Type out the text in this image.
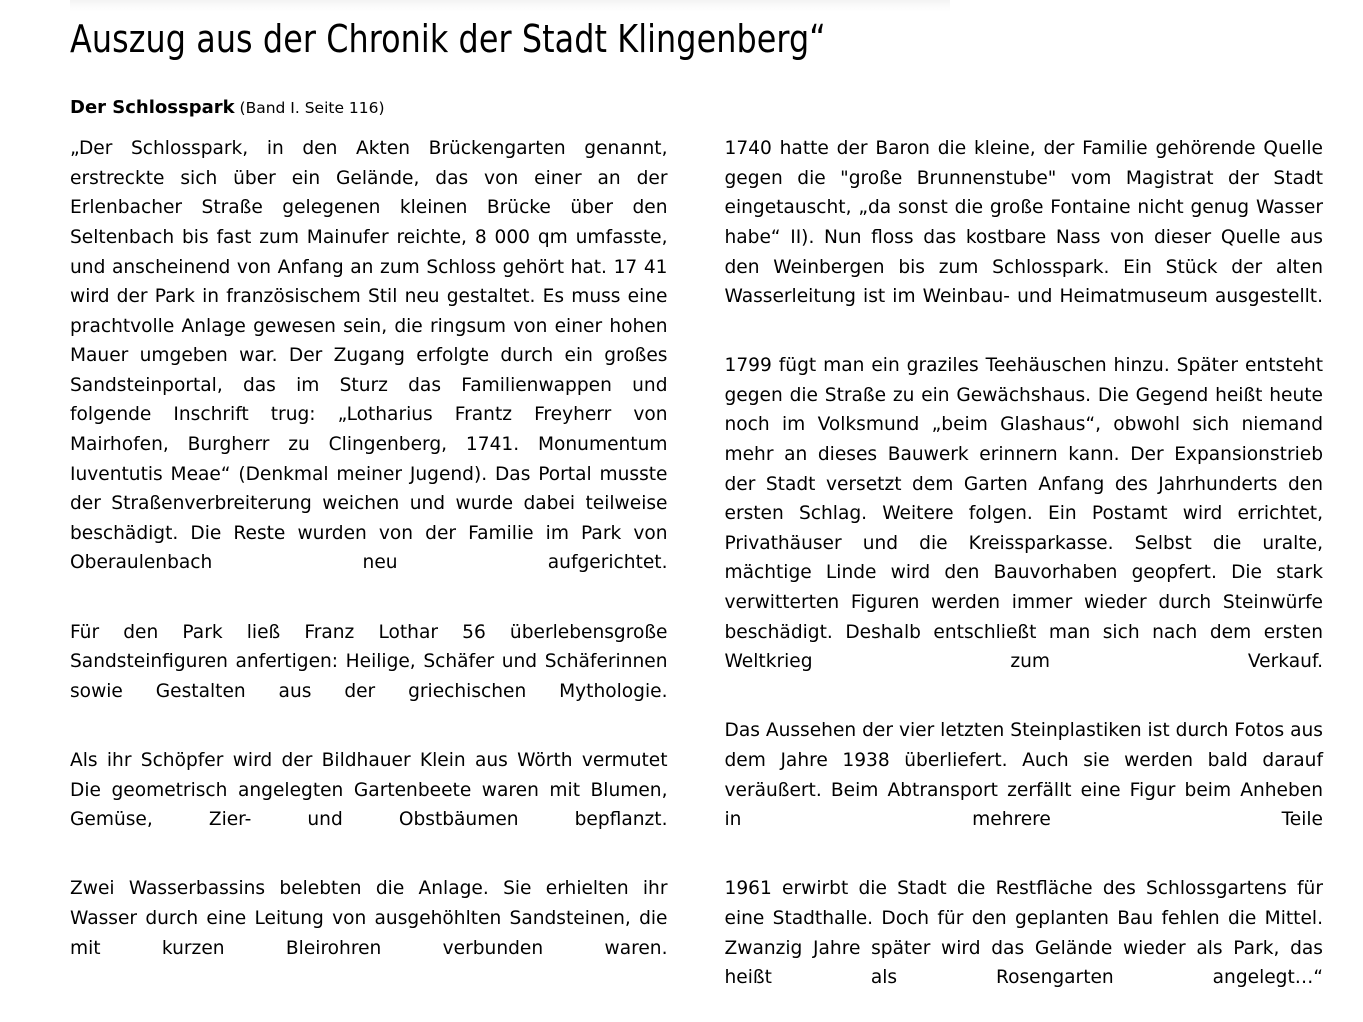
Auszug aus der Chronik der Stadt Klingenberg“

Der Schlosspark (Band I. Seite 116)

„Der Schlosspark, in den Akten Brückengarten genannt, erstreckte sich über ein Gelände, das von einer an der Erlenbacher Straße gelegenen kleinen Brücke über den Seltenbach bis fast zum Mainufer reichte, 8 000 qm umfasste, und anscheinend von Anfang an zum Schloss gehört hat. 17 41 wird der Park in französischem Stil neu gestaltet. Es muss eine prachtvolle Anlage gewesen sein, die ringsum von einer hohen Mauer umgeben war. Der Zugang erfolgte durch ein großes Sandsteinportal, das im Sturz das Familienwappen und folgende Inschrift trug: „Lotharius Frantz Freyherr von Mairhofen, Burgherr zu Clingenberg, 1741. Monumentum Iuventutis Meae“ (Denkmal meiner Jugend). Das Portal musste der Straßenverbreiterung weichen und wurde dabei teilweise beschädigt. Die Reste wurden von der Familie im Park von Oberaulenbach neu aufgerichtet.

Für den Park ließ Franz Lothar 56 überlebensgroße Sandsteinfiguren anfertigen: Heilige, Schäfer und Schäferinnen sowie Gestalten aus der griechischen Mythologie.

Als ihr Schöpfer wird der Bildhauer Klein aus Wörth vermutet Die geometrisch angelegten Gartenbeete waren mit Blumen, Gemüse, Zier- und Obstbäumen bepflanzt.

Zwei Wasserbassins belebten die Anlage. Sie erhielten ihr Wasser durch eine Leitung von ausgehöhlten Sandsteinen, die mit kurzen Bleirohren verbunden waren.

1740 hatte der Baron die kleine, der Familie gehörende Quelle gegen die "große Brunnenstube" vom Magistrat der Stadt eingetauscht, „da sonst die große Fontaine nicht genug Wasser habe“ II). Nun floss das kostbare Nass von dieser Quelle aus den Weinbergen bis zum Schlosspark. Ein Stück der alten Wasserleitung ist im Weinbau- und Heimatmuseum ausgestellt.

1799 fügt man ein graziles Teehäuschen hinzu. Später entsteht gegen die Straße zu ein Gewächshaus. Die Gegend heißt heute noch im Volksmund „beim Glashaus“, obwohl sich niemand  mehr an dieses Bauwerk erinnern kann. Der Expansionstrieb der Stadt versetzt dem Garten Anfang des Jahrhunderts den ersten Schlag. Weitere folgen. Ein Postamt wird errichtet, Privathäuser und die Kreissparkasse. Selbst die uralte, mächtige Linde wird den Bauvorhaben geopfert. Die stark verwitterten Figuren werden immer wieder durch Steinwürfe beschädigt. Deshalb entschließt man sich nach dem ersten Weltkrieg zum Verkauf.

Das Aussehen der vier letzten Steinplastiken ist durch Fotos aus dem Jahre 1938 überliefert. Auch sie werden bald darauf veräußert. Beim Abtransport zerfällt eine Figur beim Anheben in mehrere Teile

1961 erwirbt die Stadt die Restfläche des Schlossgartens für eine Stadthalle. Doch für den geplanten Bau fehlen die Mittel. Zwanzig Jahre später wird das Gelände wieder als Park, das heißt als Rosengarten angelegt…“
